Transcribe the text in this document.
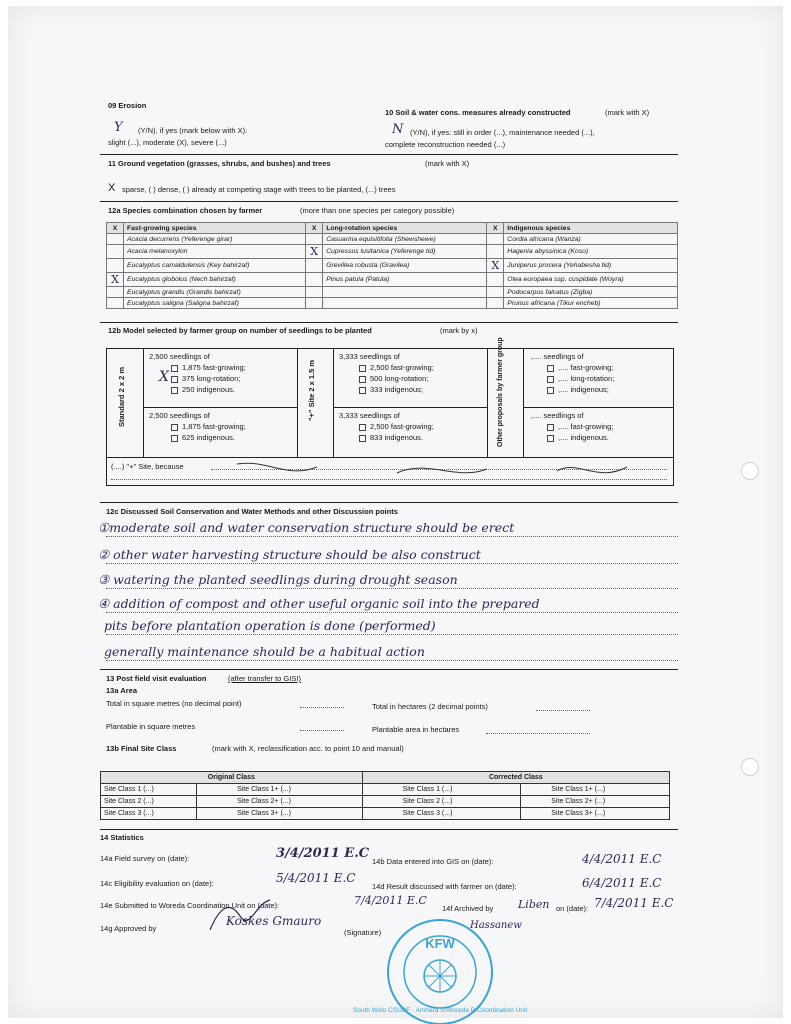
09 Erosion
Y (Y/N), if yes (mark below with X):
slight (...), moderate (X), severe (...)
10 Soil & water cons. measures already constructed	(mark with X)
N (Y/N), if yes: still in order (...), maintenance needed (...),
complete reconstruction needed (...)
11 Ground vegetation (grasses, shrubs, and bushes) and trees	(mark with X)
X sparse, ( ) dense, ( ) already at competing stage with trees to be planted, (...) trees
12a Species combination chosen by farmer	(more than one species per category possible)
X	Fast-growing species	X	Long-rotation species	X	Indigenous species
	Acacia decurrens (Yeferenge girar)		Casuarina equisitifolia (Shewshewe)		Cordia africana (Wanza)
	Acacia melanoxylon	X	Cupressus lusitanica (Yeferenge tid)		Hagenia abyssinica (Koso)
	Eucalyptus camaldulensis (Key bahirzaf)		Grevillea robusta (Gravilea)	X	Juniperus procera (Yehabesha tid)
X	Eucalyptus globolus (Nech bahirzaf)		Pinus patula (Patula)		Olea europaea ssp. cuspidate (Woyra)
	Eucalyptus grandis (Grandis bahirzaf)				Podocarpus falcatus (Zigba)
	Eucalyptus saligna (Saligna bahirzaf)				Prunus africana (Tikur encheb)
12b Model selected by farmer group on number of seedlings to be planted	(mark by x)
Standard 2 x 2 m	"+" Site 2 x 1.5 m	Other proposals by farmer group
2,500 seedlings of
1,875 fast-growing;
375 long-rotation;
250 indigenous.
X
2,500 seedlings of
1,875 fast-growing;
625 indigenous.
3,333 seedlings of
2,500 fast-growing;
500 long-rotation;
333 indigenous;
3,333 seedlings of
2,500 fast-growing;
833 indigenous.
,.... seedlings of
,.... fast-growing;
,.... long-rotation;
,.... indigenous;
,.... seedlings of
,.... fast-growing;
,.... indigenous.
(....) "+" Site, because
12c Discussed Soil Conservation and Water Methods and other Discussion points
①moderate soil and water conservation structure should be erect
② other water harvesting structure should be also construct
③ watering the planted seedlings during drought season
④ addition of compost and other useful organic soil into the prepared
pits before plantation operation is done (performed)
generally maintenance should be a habitual action
13 Post field visit evaluation	(after transfer to GISI)
13a Area
Total in square metres (no decimal point)	Total in hectares (2 decimal points)
Plantable in square metres	Plantable area in hectares
13b Final Site Class	(mark with X, reclassification acc. to point 10 and manual)
Original Class		Corrected Class	
Site Class 1 (...)	Site Class 1+ (...)	Site Class 1 (...)	Site Class 1+ (...)
Site Class 2 (...)	Site Class 2+ (...)	Site Class 2 (...)	Site Class 2+ (...)
Site Class 3 (...)	Site Class 3+ (...)	Site Class 3 (...)	Site Class 3+ (...)
14 Statistics
14a Field survey on (date):	3/4/2011 E.C
14b Data entered into GIS on (date):	4/4/2011 E.C
14c Eligibility evaluation on (date):	5/4/2011 E.C
14d Result discussed with farmer on (date):	6/4/2011 E.C
14e Submitted to Woreda Coordination Unit on (date):	7/4/2011 E.C
14f Archived by Liben on (date): 7/4/2011 E.C
14g Approved by
Koskes Gmauro
(Signature)
Hassanew
KFW
South Wolo CSUBF · Amhara S/Woreda P/Coordination Unit
